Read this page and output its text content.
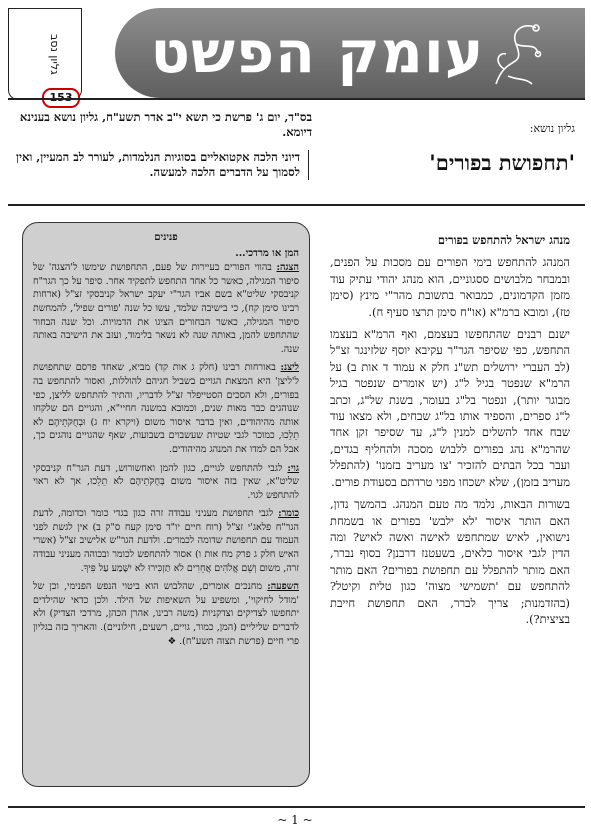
עומק הפשט
גליון נסב
בס"ד, יום ג' פרשת כי תשא י"ב אדר תשע"ח, גליון נושא בענינא דיומא.
דיוני הלכה אקטואליים בסוגיות הנלמדות, לעורר לב המעיין, ואין לסמוך על הדברים הלכה למעשה.
גליון נושא:
'תחפושת בפורים'

מנהג ישראל להתחפש בפורים

המנהג להתחפש בימי הפורים עם מסכות על הפנים, ובמבחר מלבושים ססגוניים, הוא מנהג יהודי עתיק עוד מזמן הקדמונים, כמבואר בתשובת מהר"י מינץ (סימן טז), ומובא ברמ"א (או"ח סימן תרצו סעיף ח).

ישנם רבנים שהתחפשו בעצמם, ואף הרמ"א בעצמו התחפש, כפי שסיפר הגר"ר עקיבא יוסף שלזינגר זצ"ל (לב העברי ירושלים תש"נ חלק א עמוד ד אות ב) על הרמ"א שנפטר בגיל ל"ג (יש אומרים שנפטר בגיל מבוגר יותר), ונפטר בל"ג בעומר, בשנת של"ג, וכתב ל"ג ספרים, והספיד אותו בל"ג שבחים, ולא מצאו עוד שבח אחד להשלים למנין ל"ג, עד שסיפר זקן אחד שהרמ"א נהג בפורים ללבוש מסכה ולהחליף בגדים, ועבר בכל הבתים להזכיר 'צו מעריב בזמנו' (להתפלל מעריב בזמן), שלא ישכחו מפני טרדתם בסעודת פורים.

בשורות הבאות, נלמד מה טעם המנהג. בהמשך נדון, האם הותר איסור 'לא ילבש' בפורים או בשמחת נישואין, לאיש שמתחפש לאישה ואשה לאיש? ומה הדין לגבי איסור כלאים, בשעטנז דרבנן? בסוף נברר, האם מותר להתפלל עם תחפושת בפורים? האם מותר להתחפש עם 'תשמישי מצוה' כגון טלית וקיטל? (בהזדמנות; צריך לברר, האם תחפושת חייבת בציצית?).

פנינים
המן או מרדכי...

הצגה: בהווי הפורים בעיירות של פעם, התחפושת שימשו ל'הצגה' של סיפור המגילה, כאשר כל אחד התחפש לתפקיד אחר. סיפר על כך הגר"ח קניבסקי שליט"א בשם אביו הגר"י יעקב ישראל קניבסקי זצ"ל (ארחות רבינו סימן קח), כי בישיבה שלמד, עשו כל שנה 'פורים שפיל', להמחשת סיפור המגילה, כאשר הבחורים הציגו את הדמויות. וכל שנה הבחור שהתחפש להמן, באותה שנה לא נשאר בלימוד, ועזב את הישיבה באותה שנה.

ליצנ: באורחות רבינו (חלק ג אות קד) מביא, שאחד פרסם שתחפושת ל'ליצן' היא המצאת הגויים בשביל חגיהם להוללות, ואסור להתחפש בה בפורים, ולא הסכים הסטייפלר זצ"ל לדבריו, והתיר להתחפש לליצן, כפי שנוהגים כבר מאות שנים, וכמובא במשנה חחיי"א, והגויים הם שלקחו אותה מהיהודים, ואין בדבר איסור משום (ויקרא יח ג) וּבְחֻקֹּתֵיהֶם לֹא תֵלֵכוּ, כמוכר לגבי שטיות שעשבוים בשבועות, שאף שהגויים נוהגים כך, אבל הם למדו את המנהג מהיהודים.

גוי: לגבי להתחפש לגויים, כגון להמן ואחשורוש, דעת הגר"ח קניבסקי שליט"א, שאין בזה איסור משום בְּחֻקֹּתֵיהֶם לֹא תֵלֵכוּ, אך לא ראוי להתחפש לגוי.

כומר: לגבי תחפושת מעניני עבודה זרה כגון בגדי כומר וכדומה, לדעת הגר"ח פלאג'י זצ"ל (רוח חיים יו"ד סימן קעח ס"ק ב) אין לגשת לפני העמוד עם תחפושת שדומה לכמרים. ולדעת הגר"ש אלישיב זצ"ל (אשרי האיש חלק ג פרק מח אות ו) אסור להתחפש לכומר ובכוהה מעניני עבודה זרה, משום וְשֵׁם אֱלֹהִים אֲחֵרִים לֹא תַזְכִּירוּ לֹא יִשָּׁמַע עַל פִּיךָ.

השפעה: מחנכים אומרים, שהלבוש הוא ביטוי הנפש הפנימי, וכן של 'מודל לחיקוי', ומשפיע על השאיפות של הילד. ולכן כדאי שהילדים יתחפשו לצדיקים וצדקניות (משה רבינו, אהרן הכהן, מרדכי הצדיק) ולא לדברים שליליים (המן, כמור, גויים, רשעים, חילוניים). והאריך בזה בגליון פרי חיים (פרשת תצוה תשע"ח). ❖

~ 1 ~
